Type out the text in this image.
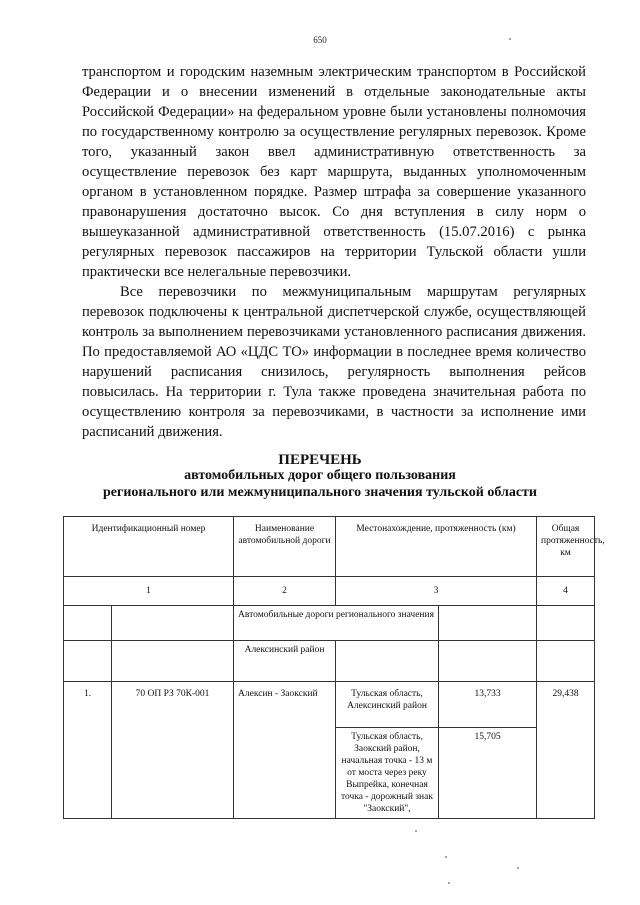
650

транспортом и городским наземным электрическим транспортом в Российской Федерации и о внесении изменений в отдельные законодательные акты Российской Федерации» на федеральном уровне были установлены полномочия по государственному контролю за осуществление регулярных перевозок. Кроме того, указанный закон ввел административную ответственность за осуществление перевозок без карт маршрута, выданных уполномоченным органом в установленном порядке. Размер штрафа за совершение указанного правонарушения достаточно высок. Со дня вступления в силу норм о вышеуказанной административной ответственность (15.07.2016) с рынка регулярных перевозок пассажиров на территории Тульской области ушли практически все нелегальные перевозчики.

Все перевозчики по межмуниципальным маршрутам регулярных перевозок подключены к центральной диспетчерской службе, осуществляющей контроль за выполнением перевозчиками установленного расписания движения. По предоставляемой АО «ЦДС ТО» информации в последнее время количество нарушений расписания снизилось, регулярность выполнения рейсов повысилась. На территории г. Тула также проведена значительная работа по осуществлению контроля за перевозчиками, в частности за исполнение ими расписаний движения.

ПЕРЕЧЕНЬ
автомобильных дорог общего пользования
регионального или межмуниципального значения тульской области
Идентификационный номер		Наименование автомобильной дороги	Местонахождение, протяженность (км)		Общая протяженность, км
1		2	3		4
		Автомобильные дороги регионального значения			
		Алексинский район			
1.	70 ОП РЗ 70К-001	Алексин - Заокский	Тульская область, Алексинский район	13,733	29,438
			Тульская область, Заокский район, начальная точка - 13 м от моста через реку Выпрейка, конечная точка - дорожный знак "Заокский",	15,705	
